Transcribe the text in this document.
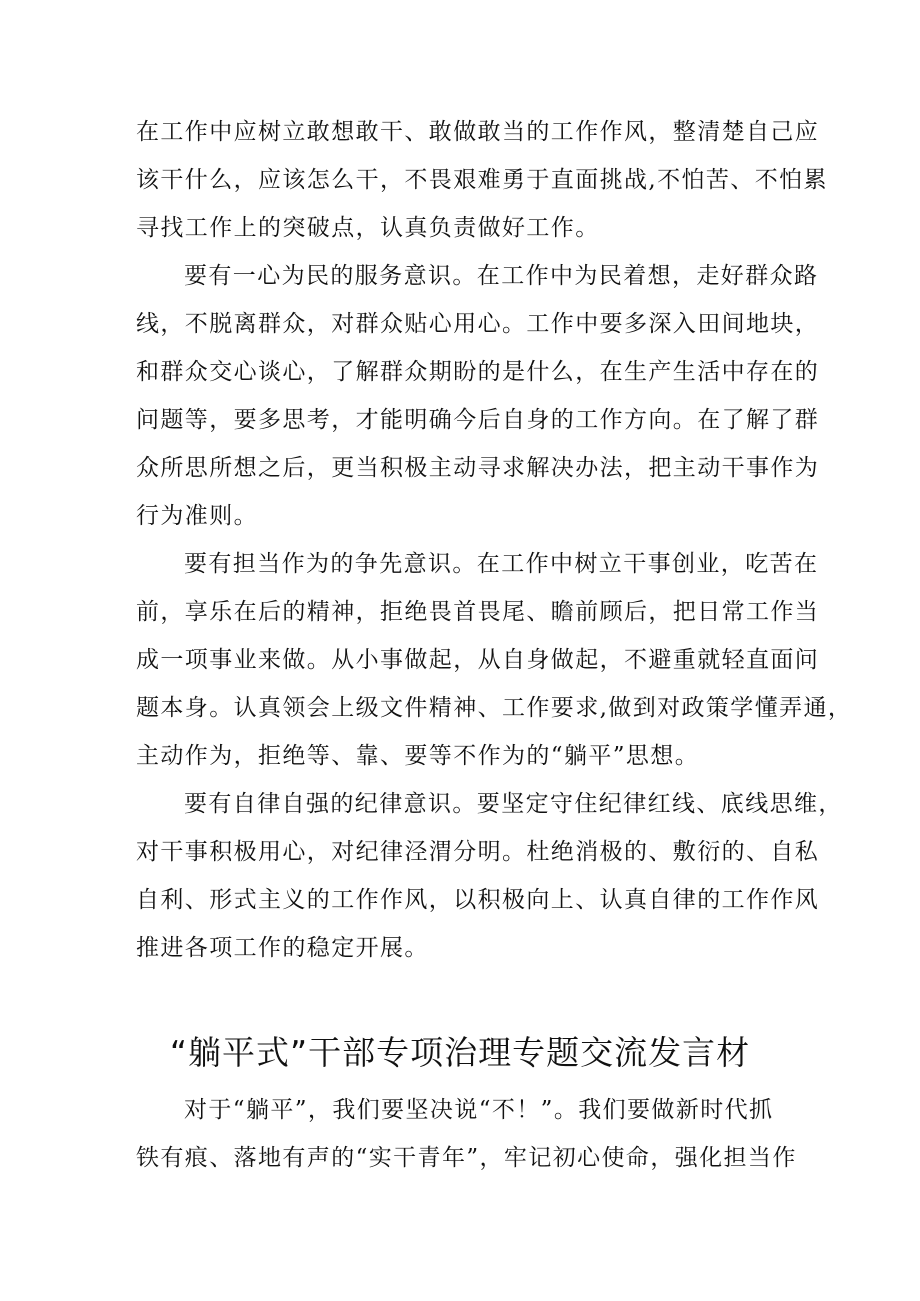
在工作中应树立敢想敢干、敢做敢当的工作作风，整清楚自己应
该干什么，应该怎么干，不畏艰难勇于直面挑战,不怕苦、不怕累
寻找工作上的突破点，认真负责做好工作。
要有一心为民的服务意识。在工作中为民着想，走好群众路
线，不脱离群众，对群众贴心用心。工作中要多深入田间地块，
和群众交心谈心，了解群众期盼的是什么，在生产生活中存在的
问题等，要多思考，才能明确今后自身的工作方向。在了解了群
众所思所想之后，更当积极主动寻求解决办法，把主动干事作为
行为准则。
要有担当作为的争先意识。在工作中树立干事创业，吃苦在
前，享乐在后的精神，拒绝畏首畏尾、瞻前顾后，把日常工作当
成一项事业来做。从小事做起，从自身做起，不避重就轻直面问
题本身。认真领会上级文件精神、工作要求,做到对政策学懂弄通，
主动作为，拒绝等、靠、要等不作为的“躺平”思想。
要有自律自强的纪律意识。要坚定守住纪律红线、底线思维，
对干事积极用心，对纪律泾渭分明。杜绝消极的、敷衍的、自私
自利、形式主义的工作作风，以积极向上、认真自律的工作作风
推进各项工作的稳定开展。
“躺平式”干部专项治理专题交流发言材
对于“躺平”，我们要坚决说“不！”。我们要做新时代抓
铁有痕、落地有声的“实干青年”，牢记初心使命，强化担当作
